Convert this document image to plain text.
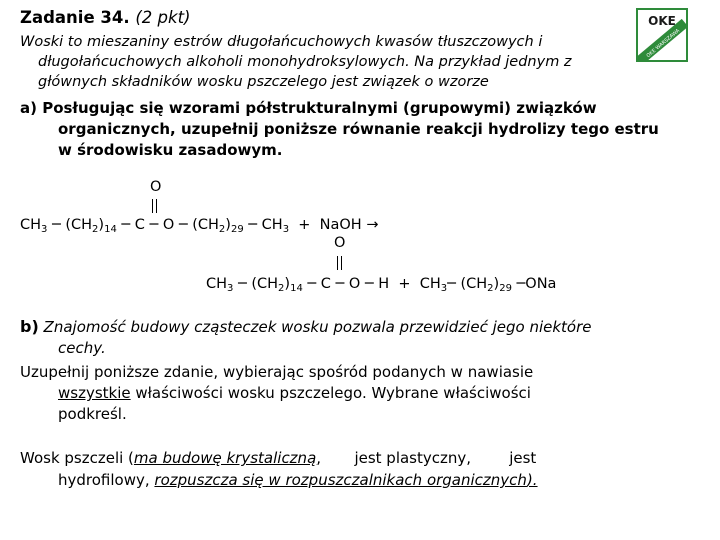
Zadanie 34. (2 pkt)	OKE
OKE WARSZAWA
Woski to mieszaniny estrów długołańcuchowych kwasów tłuszczowych i
długołańcuchowych alkoholi monohydroksylowych. Na przykład jednym z
głównych składników wosku pszczelego jest związek o wzorze
a) Posługując się wzorami półstrukturalnymi (grupowymi) związków
organicznych, uzupełnij poniższe równanie reakcji hydrolizy tego estru
w środowisku zasadowym.
O
$CH_3$ ─ $(CH_2)_{14}$ ─ C ─ O ─ $(CH_2)_{29}$ ─ $CH_3$ + NaOH →
O
$CH_3$ ─ $(CH_2)_{14}$ ─ C ─ O ─ $H + CH_3─$ $(CH_2)_{29}$ ─ONa
b) Znajomość budowy cząsteczek wosku pozwala przewidzieć jego niektóre
cechy.
Uzupełnij poniższe zdanie, wybierając spośród podanych w nawiasie
wszystkie właściwości wosku pszczelego. Wybrane właściwości
podkreśl.
Wosk pszczeli (ma budowę krystaliczną, jest plastyczny,	jest
hydrofilowy, rozpuszcza się w rozpuszczalnikach organicznych).
